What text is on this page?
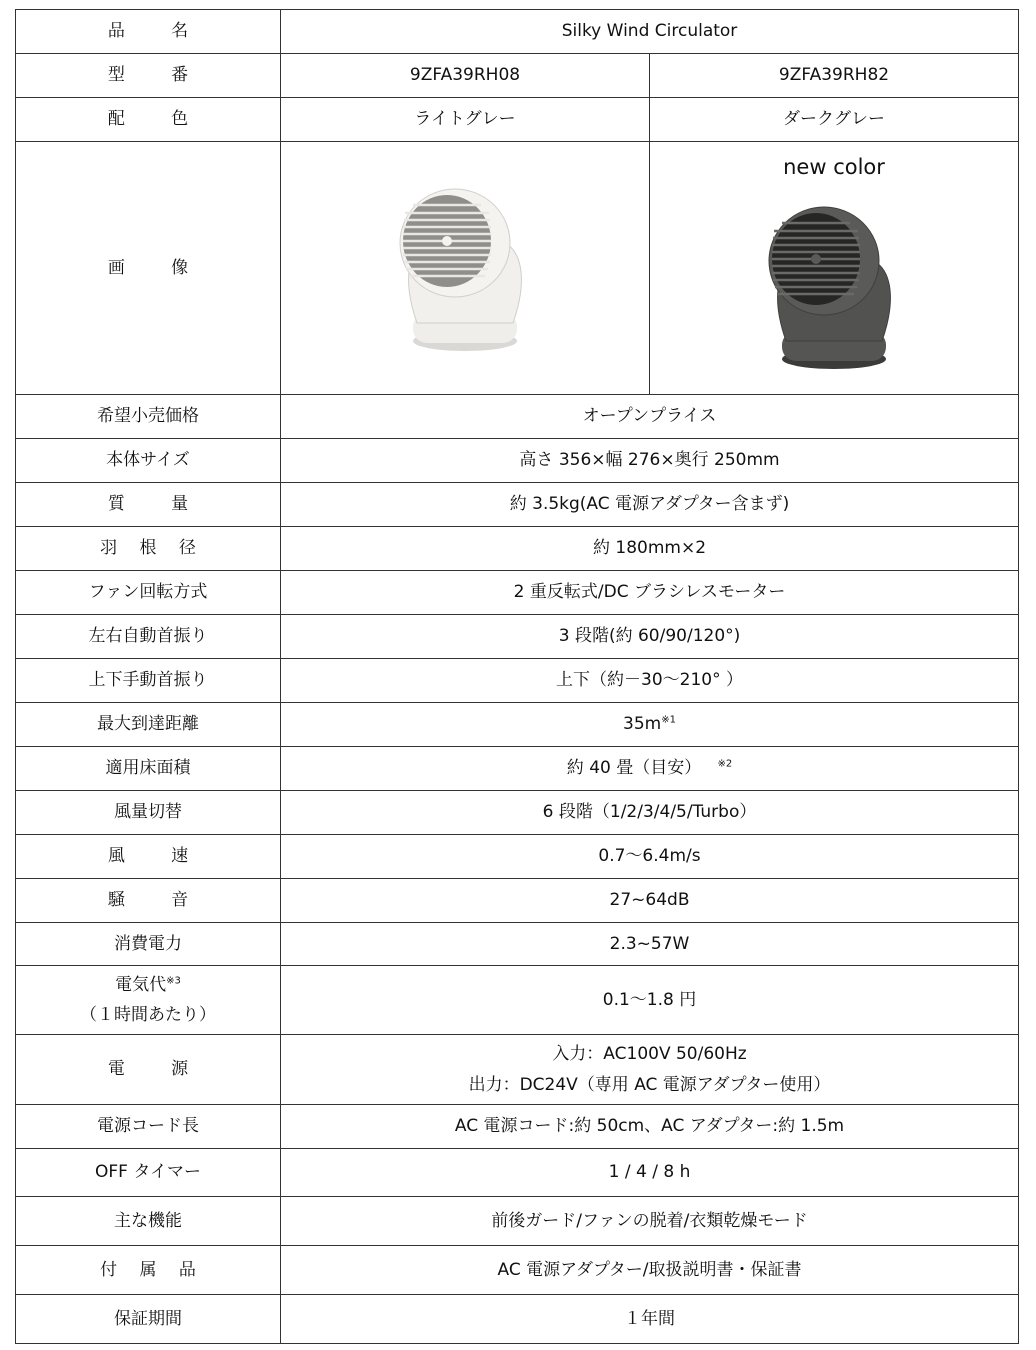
品 名	Silky Wind Circulator	
型 番	9ZFA39RH08	9ZFA39RH82
配 色	ライトグレー	ダークグレー
画 像		new color

希望小売価格	オープンプライス	
本体サイズ	高さ 356×幅 276×奥行 250mm	
質 量	約 3.5kg(AC 電源アダプター含まず)	
羽 根 径	約 180mm×2	
ファン回転方式	2 重反転式/DC ブラシレスモーター	
左右自動首振り	3 段階(約 60/90/120°)	
上下手動首振り	上下（約－30～210° ）	
最大到達距離	$35m^{※1}$
適用床面積	約 40 畳（目安） $^{※2}$
風量切替	6 段階（1/2/3/4/5/Turbo）	
風 速	0.7～6.4m/s	
騒 音	27~64dB	
消費電力	2.3~57W	

電気代$^{※3}$
（１時間あたり）	0.1～1.8 円	
電 源	入力：AC100V 50/60Hz
出力：DC24V（専用 AC 電源アダプター使用）	

電源コード長	AC 電源コード:約 50cm、AC アダプター:約 1.5m	
OFF タイマー	1 / 4 / 8 h	
主な機能	前後ガード/ファンの脱着/衣類乾燥モード	
付 属 品	AC 電源アダプター/取扱説明書・保証書	
保証期間	１年間	
